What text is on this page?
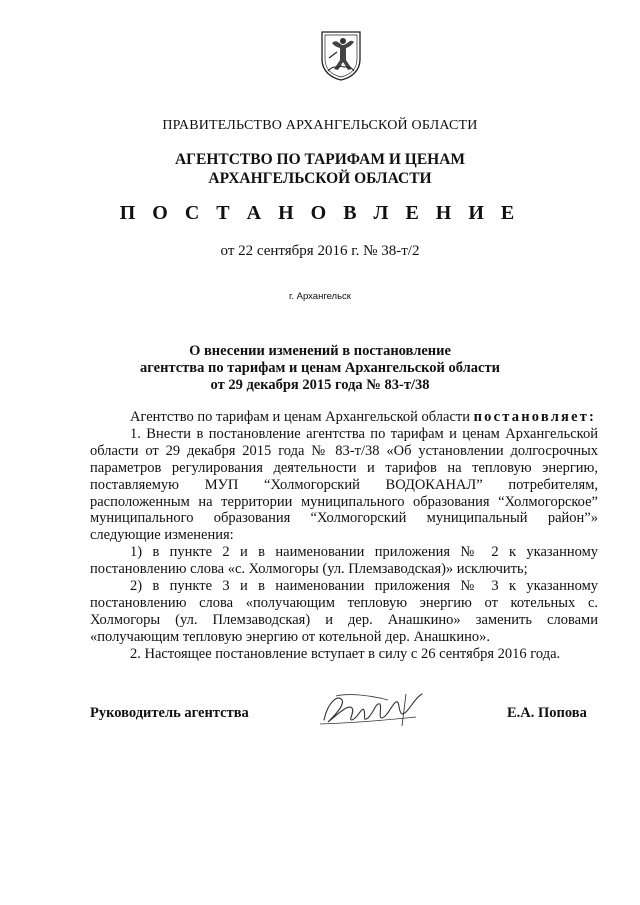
ПРАВИТЕЛЬСТВО АРХАНГЕЛЬСКОЙ ОБЛАСТИ
АГЕНТСТВО ПО ТАРИФАМ И ЦЕНАМ
АРХАНГЕЛЬСКОЙ ОБЛАСТИ
П О С Т А Н О В Л Е Н И Е
от 22 сентября 2016 г. № 38-т/2
г. Архангельск
О внесении изменений в постановление
агентства по тарифам и ценам Архангельской области
от 29 декабря 2015 года № 83-т/38

Агентство по тарифам и ценам Архангельской области постановляет:

1. Внести в постановление агентства по тарифам и ценам Архангельской области от 29 декабря 2015 года № 83-т/38 «Об установлении долгосрочных параметров регулирования деятельности и тарифов на тепловую энергию, поставляемую МУП “Холмогорский ВОДОКАНАЛ” потребителям, расположенным на территории муниципального образования “Холмогорское” муниципального образования “Холмогорский муниципальный район”» следующие изменения:

1) в пункте 2 и в наименовании приложения № 2 к указанному постановлению слова «с. Холмогоры (ул. Племзаводская)» исключить;

2) в пункте 3 и в наименовании приложения № 3 к указанному постановлению слова «получающим тепловую энергию от котельных с. Холмогоры (ул. Племзаводская) и дер. Анашкино» заменить словами «получающим тепловую энергию от котельной дер. Анашкино».

2. Настоящее постановление вступает в силу с 26 сентября 2016 года.

Руководитель агентства	Е.А. Попова
